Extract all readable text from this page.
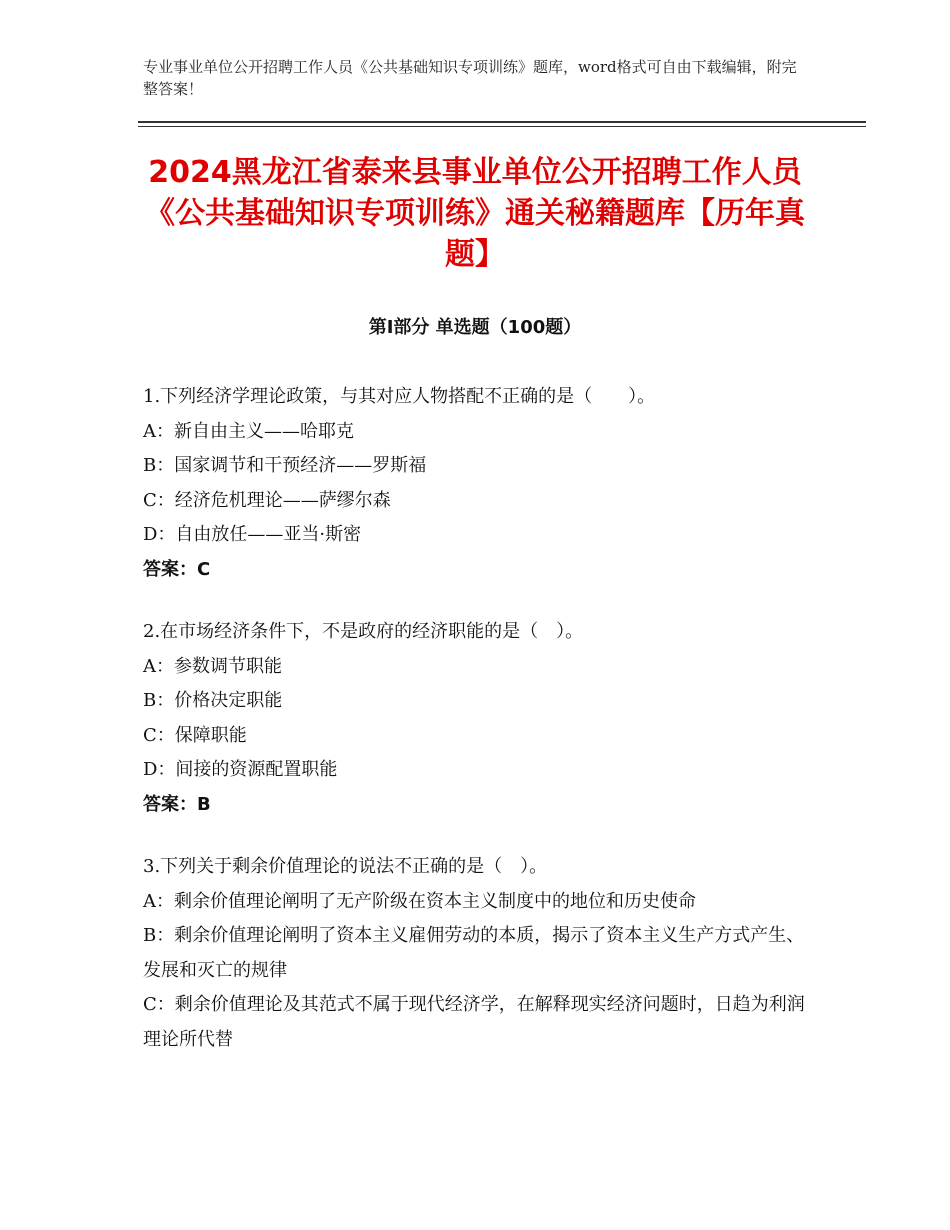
专业事业单位公开招聘工作人员《公共基础知识专项训练》题库，word格式可自由下载编辑，附完整答案！
2024黑龙江省泰来县事业单位公开招聘工作人员《公共基础知识专项训练》通关秘籍题库【历年真题】
第Ⅰ部分 单选题（100题）
1.下列经济学理论政策，与其对应人物搭配不正确的是（　　）。
A：新自由主义——哈耶克
B：国家调节和干预经济——罗斯福
C：经济危机理论——萨缪尔森
D：自由放任——亚当·斯密
答案：C
2.在市场经济条件下，不是政府的经济职能的是（　）。
A：参数调节职能
B：价格决定职能
C：保障职能
D：间接的资源配置职能
答案：B
3.下列关于剩余价值理论的说法不正确的是（　）。
A：剩余价值理论阐明了无产阶级在资本主义制度中的地位和历史使命
B：剩余价值理论阐明了资本主义雇佣劳动的本质，揭示了资本主义生产方式产生、发展和灭亡的规律
C：剩余价值理论及其范式不属于现代经济学，在解释现实经济问题时，日趋为利润理论所代替
